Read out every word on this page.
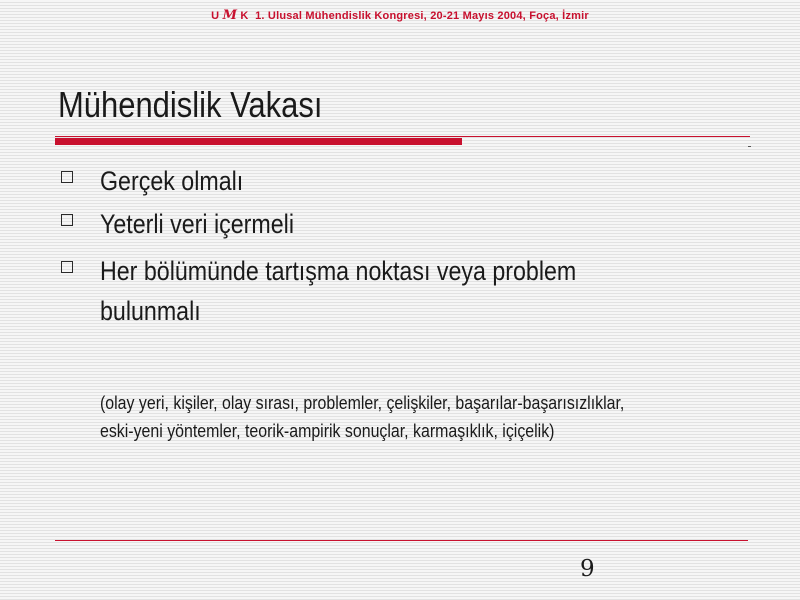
U M K 1. Ulusal Mühendislik Kongresi, 20-21 Mayıs 2004, Foça, İzmir
Mühendislik Vakası
Gerçek olmalı
Yeterli veri içermeli
Her bölümünde tartışma noktası veya problem
bulunmalı
(olay yeri, kişiler, olay sırası, problemler, çelişkiler, başarılar-başarısızlıklar,
eski-yeni yöntemler, teorik-ampirik sonuçlar, karmaşıklık, içiçelik)
9
